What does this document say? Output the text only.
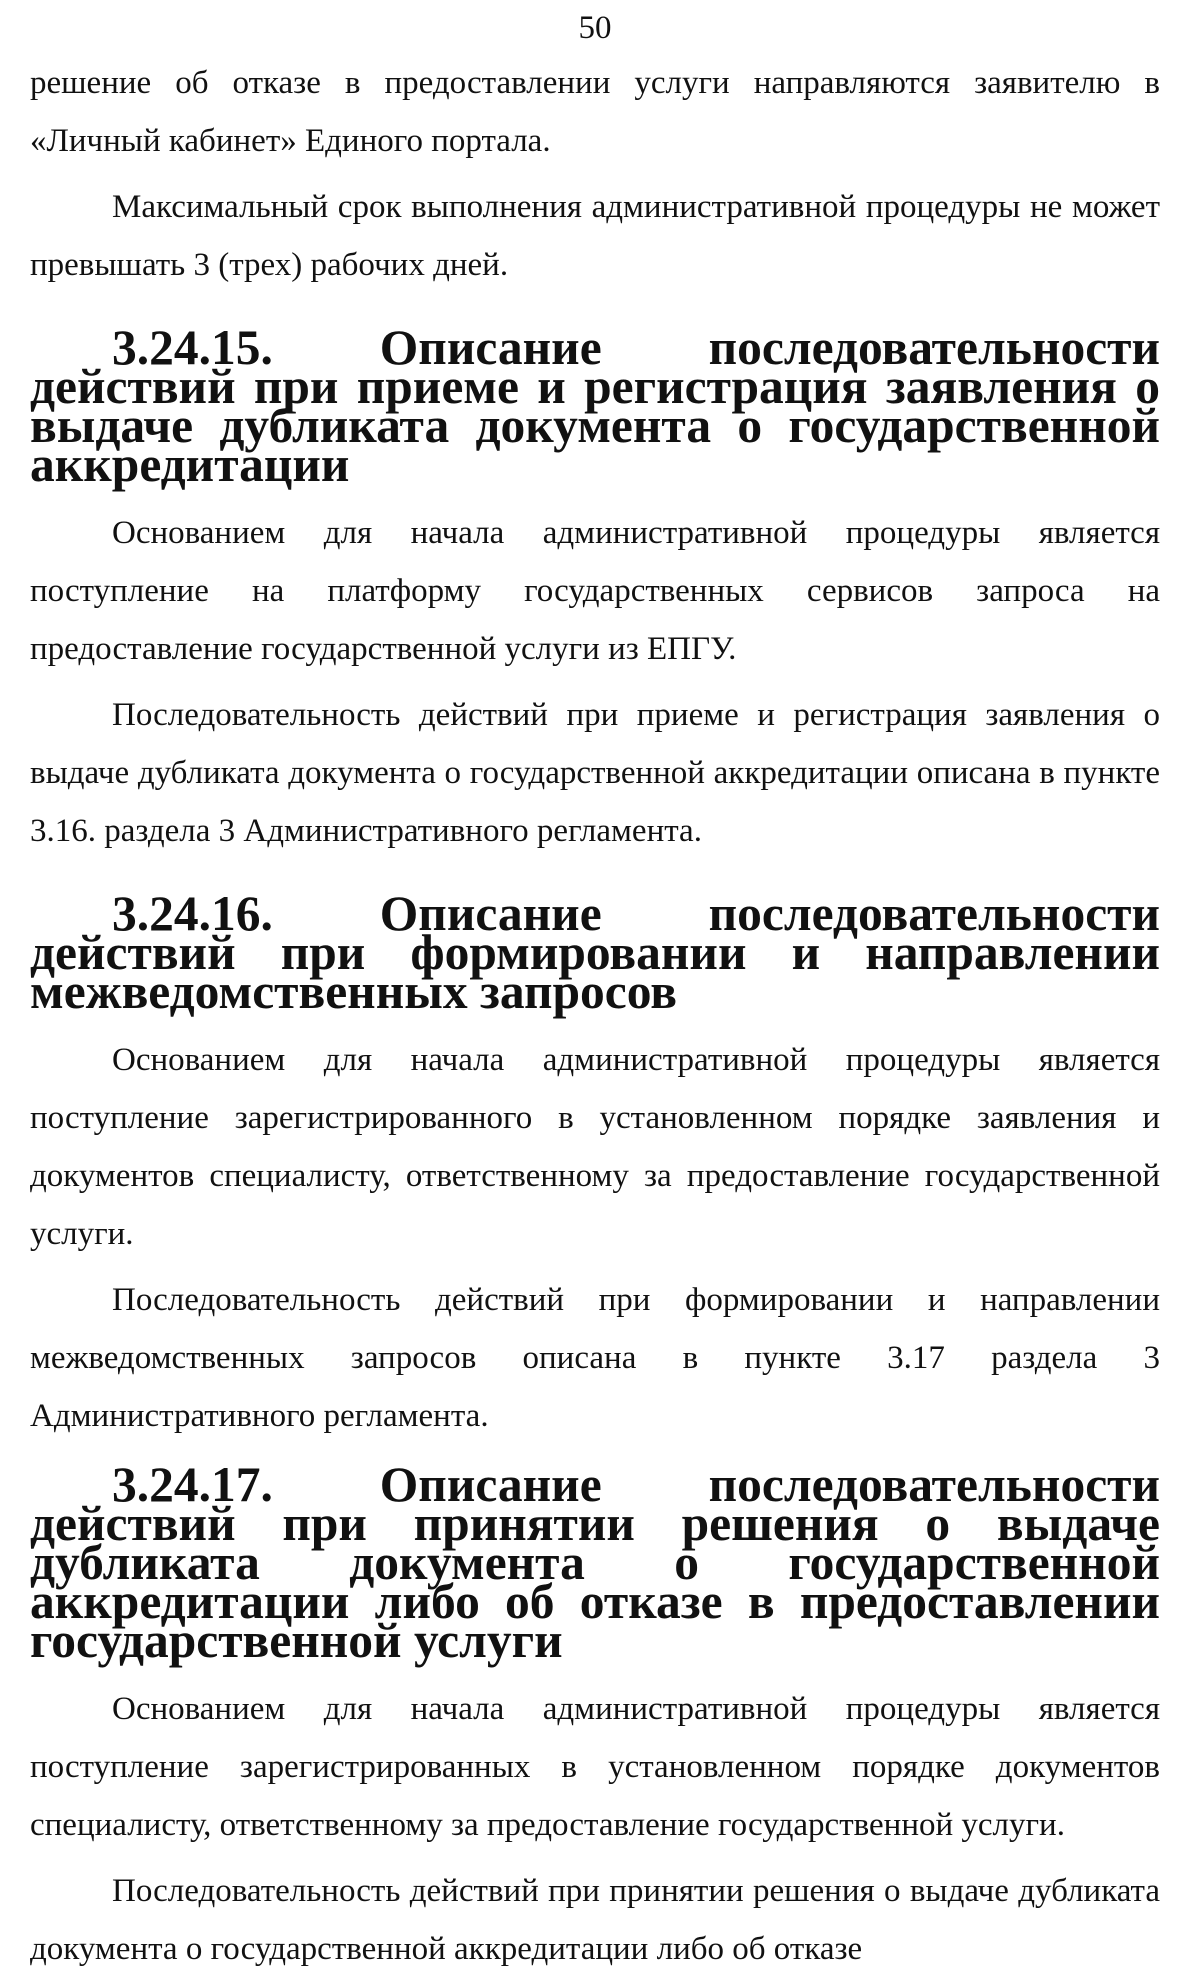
50

решение об отказе в предоставлении услуги направляются заявителю в «Личный кабинет» Единого портала.

Максимальный срок выполнения административной процедуры не может превышать 3 (трех) рабочих дней.

3.24.15. Описание последовательности действий при приеме и регистрация заявления о выдаче дубликата документа о государственной аккредитации

Основанием для начала административной процедуры является поступление на платформу государственных сервисов запроса на предоставление государственной услуги из ЕПГУ.

Последовательность действий при приеме и регистрация заявления о выдаче дубликата документа о государственной аккредитации описана в пункте 3.16. раздела 3 Административного регламента.

3.24.16. Описание последовательности действий при формировании и направлении межведомственных запросов

Основанием для начала административной процедуры является поступление зарегистрированного в установленном порядке заявления и документов специалисту, ответственному за предоставление государственной услуги.

Последовательность действий при формировании и направлении межведомственных запросов описана в пункте 3.17 раздела 3 Административного регламента.

3.24.17. Описание последовательности действий при принятии решения о выдаче дубликата документа о государственной аккредитации либо об отказе в предоставлении государственной услуги

Основанием для начала административной процедуры является поступление зарегистрированных в установленном порядке документов специалисту, ответственному за предоставление государственной услуги.

Последовательность действий при принятии решения о выдаче дубликата документа о государственной аккредитации либо об отказе
